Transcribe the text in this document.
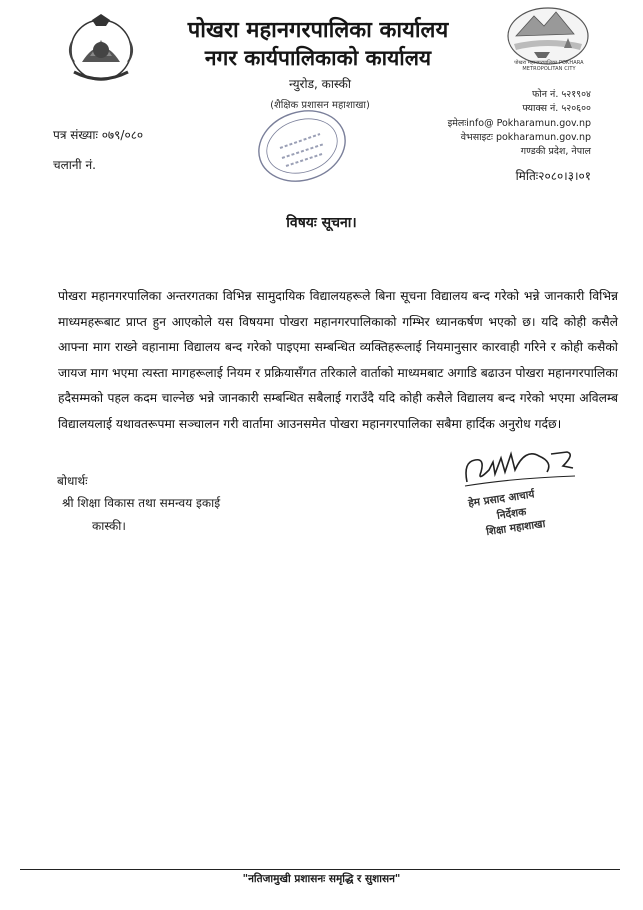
पोखरा महानगरपालिका POKHARA METROPOLITAN CITY
पोखरा महानगरपालिका कार्यालय
नगर कार्यपालिकाको कार्यालय
न्युरोड, कास्की
(शैक्षिक प्रशासन महाशाखा)
फोन नं. ५२१९०४
फ्याक्स नं. ५२०६००
इमेलःinfo@ Pokharamun.gov.np
वेभसाइटः pokharamun.gov.np
गण्डकी प्रदेश, नेपाल
पत्र संख्याः ०७९/०८०
चलानी नं.
मितिः२०८०।३।०१
विषयः सूचना।
पोखरा महानगरपालिका अन्तरगतका विभिन्न सामुदायिक विद्यालयहरूले बिना सूचना विद्यालय बन्द गरेको भन्ने जानकारी विभिन्न माध्यमहरूबाट प्राप्त हुन आएकोले यस विषयमा पोखरा महानगरपालिकाको गम्भिर ध्यानकर्षण भएको छ। यदि कोही कसैले आफ्ना माग राख्ने वहानामा विद्यालय बन्द गरेको पाइएमा सम्बन्धित व्यक्तिहरूलाई नियमानुसार कारवाही गरिने र कोही कसैको जायज माग भएमा त्यस्ता मागहरूलाई नियम र प्रक्रियासँगत तरिकाले वार्ताको माध्यमबाट अगाडि बढाउन पोखरा महानगरपालिका हदैसम्मको पहल कदम चाल्नेछ भन्ने जानकारी सम्बन्धित सबैलाई गराउँदै यदि कोही कसैले विद्यालय बन्द गरेको भएमा अविलम्ब विद्यालयलाई यथावतरूपमा सञ्चालन गरी वार्तामा आउनसमेत पोखरा महानगरपालिका सबैमा हार्दिक अनुरोध गर्दछ।
बोधार्थः
श्री शिक्षा विकास तथा समन्वय इकाई
कास्की।
हेम प्रसाद आचार्य
निर्देशक
शिक्षा महाशाखा
"नतिजामुखी प्रशासनः समृद्धि र सुशासन"
